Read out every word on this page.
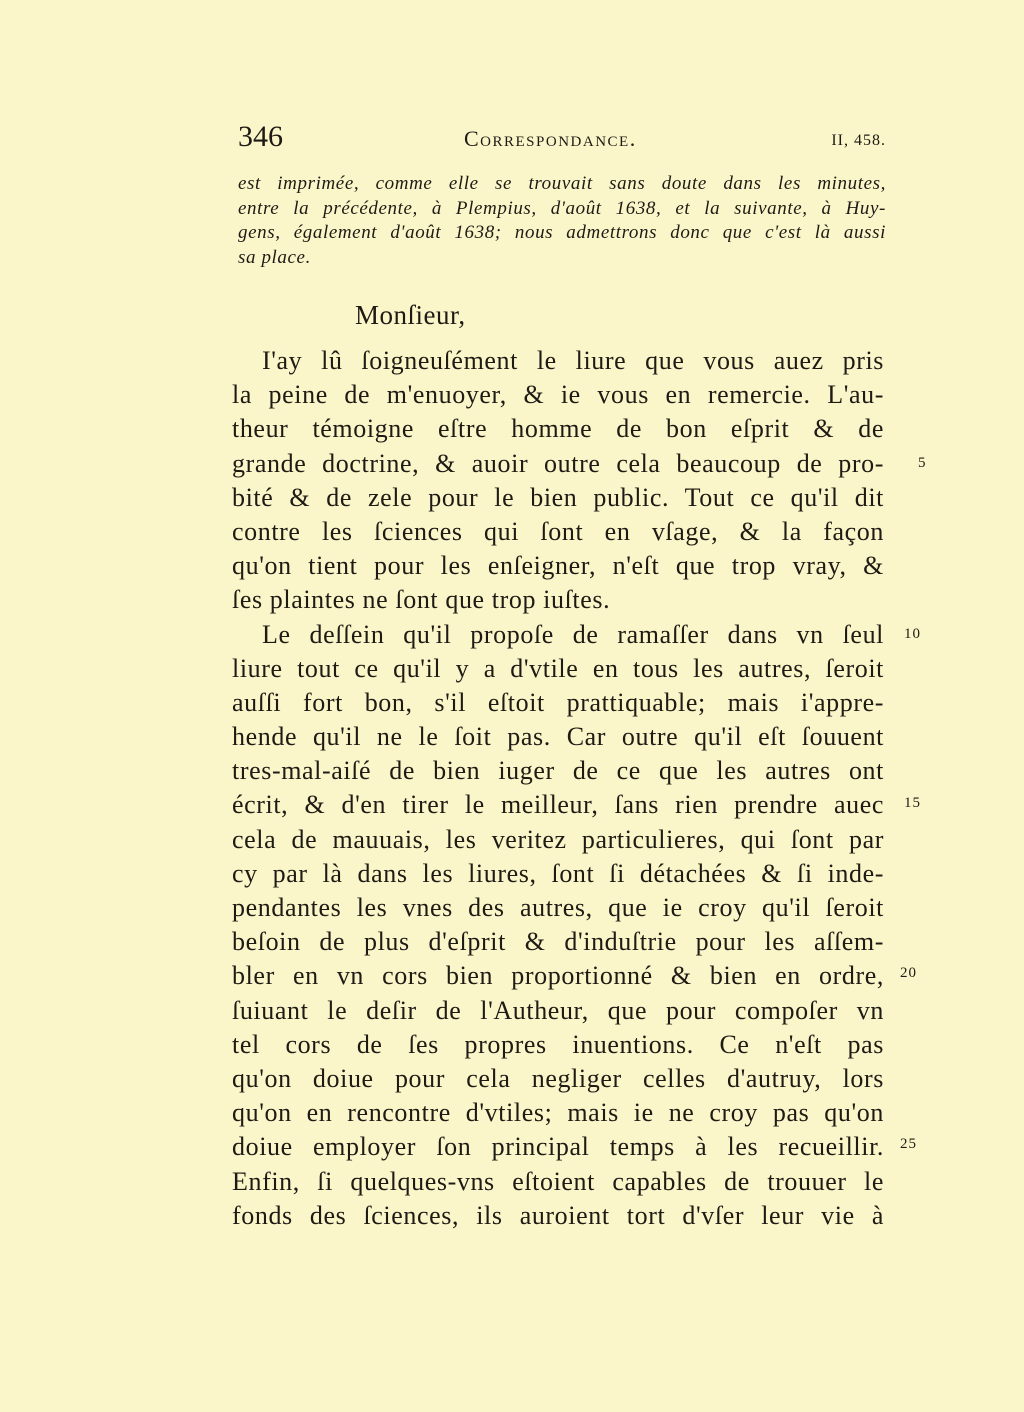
346	Correspondance.	II, 458.
est imprimée, comme elle se trouvait sans doute dans les minutes,
entre la précédente, à Plempius, d'août 1638, et la suivante, à Huy-
gens, également d'août 1638; nous admettrons donc que c'est là aussi
sa place.
Monſieur,
I'ay lû ſoigneuſément le liure que vous auez pris
la peine de m'enuoyer, & ie vous en remercie. L'au-
theur témoigne eſtre homme de bon eſprit & de
grande doctrine, & auoir outre cela beaucoup de pro-
bité & de zele pour le bien public. Tout ce qu'il dit
contre les ſciences qui ſont en vſage, & la façon
qu'on tient pour les enſeigner, n'eſt que trop vray, &
ſes plaintes ne ſont que trop iuſtes.
Le deſſein qu'il propoſe de ramaſſer dans vn ſeul
liure tout ce qu'il y a d'vtile en tous les autres, ſeroit
auſſi fort bon, s'il eſtoit prattiquable; mais i'appre-
hende qu'il ne le ſoit pas. Car outre qu'il eſt ſouuent
tres-mal-aiſé de bien iuger de ce que les autres ont
écrit, & d'en tirer le meilleur, ſans rien prendre auec
cela de mauuais, les veritez particulieres, qui ſont par
cy par là dans les liures, ſont ſi détachées & ſi inde-
pendantes les vnes des autres, que ie croy qu'il ſeroit
beſoin de plus d'eſprit & d'induſtrie pour les aſſem-
bler en vn cors bien proportionné & bien en ordre,
ſuiuant le deſir de l'Autheur, que pour compoſer vn
tel cors de ſes propres inuentions. Ce n'eſt pas
qu'on doiue pour cela negliger celles d'autruy, lors
qu'on en rencontre d'vtiles; mais ie ne croy pas qu'on
doiue employer ſon principal temps à les recueillir.
Enfin, ſi quelques-vns eſtoient capables de trouuer le
fonds des ſciences, ils auroient tort d'vſer leur vie à
5
10
15
20
25
